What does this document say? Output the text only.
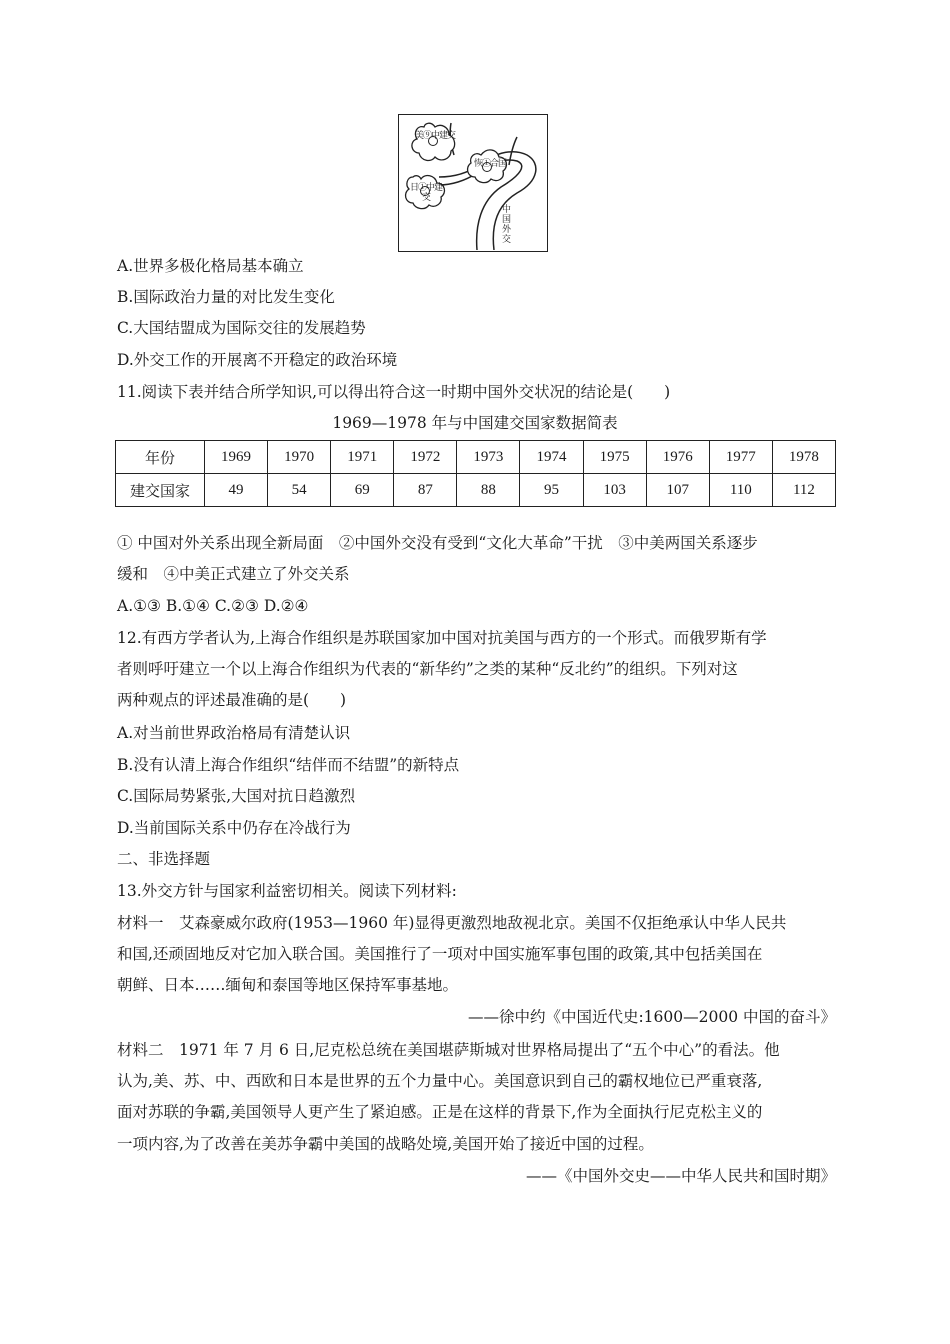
美⑨中建交
恢①合国
日①中建交
中国外交
A.世界多极化格局基本确立
B.国际政治力量的对比发生变化
C.大国结盟成为国际交往的发展趋势
D.外交工作的开展离不开稳定的政治环境
11.阅读下表并结合所学知识,可以得出符合这一时期中国外交状况的结论是(　　)
1969—1978 年与中国建交国家数据简表
年份	1969	1970	1971	1972	1973	1974	1975	1976	1977	1978
建交国家	49	54	69	87	88	95	103	107	110	112
① 中国对外关系出现全新局面　②中国外交没有受到“文化大革命”干扰　③中美两国关系逐步
缓和　④中美正式建立了外交关系
A.①③ B.①④ C.②③ D.②④
12.有西方学者认为,上海合作组织是苏联国家加中国对抗美国与西方的一个形式。而俄罗斯有学
者则呼吁建立一个以上海合作组织为代表的“新华约”之类的某种“反北约”的组织。下列对这
两种观点的评述最准确的是(　　)
A.对当前世界政治格局有清楚认识
B.没有认清上海合作组织“结伴而不结盟”的新特点
C.国际局势紧张,大国对抗日趋激烈
D.当前国际关系中仍存在冷战行为
二、非选择题
13.外交方针与国家利益密切相关。阅读下列材料:
材料一　艾森豪威尔政府(1953—1960 年)显得更激烈地敌视北京。美国不仅拒绝承认中华人民共
和国,还顽固地反对它加入联合国。美国推行了一项对中国实施军事包围的政策,其中包括美国在
朝鲜、日本……缅甸和泰国等地区保持军事基地。
——徐中约《中国近代史:1600—2000 中国的奋斗》
材料二　1971 年 7 月 6 日,尼克松总统在美国堪萨斯城对世界格局提出了“五个中心”的看法。他
认为,美、苏、中、西欧和日本是世界的五个力量中心。美国意识到自己的霸权地位已严重衰落,
面对苏联的争霸,美国领导人更产生了紧迫感。正是在这样的背景下,作为全面执行尼克松主义的
一项内容,为了改善在美苏争霸中美国的战略处境,美国开始了接近中国的过程。
——《中国外交史——中华人民共和国时期》
